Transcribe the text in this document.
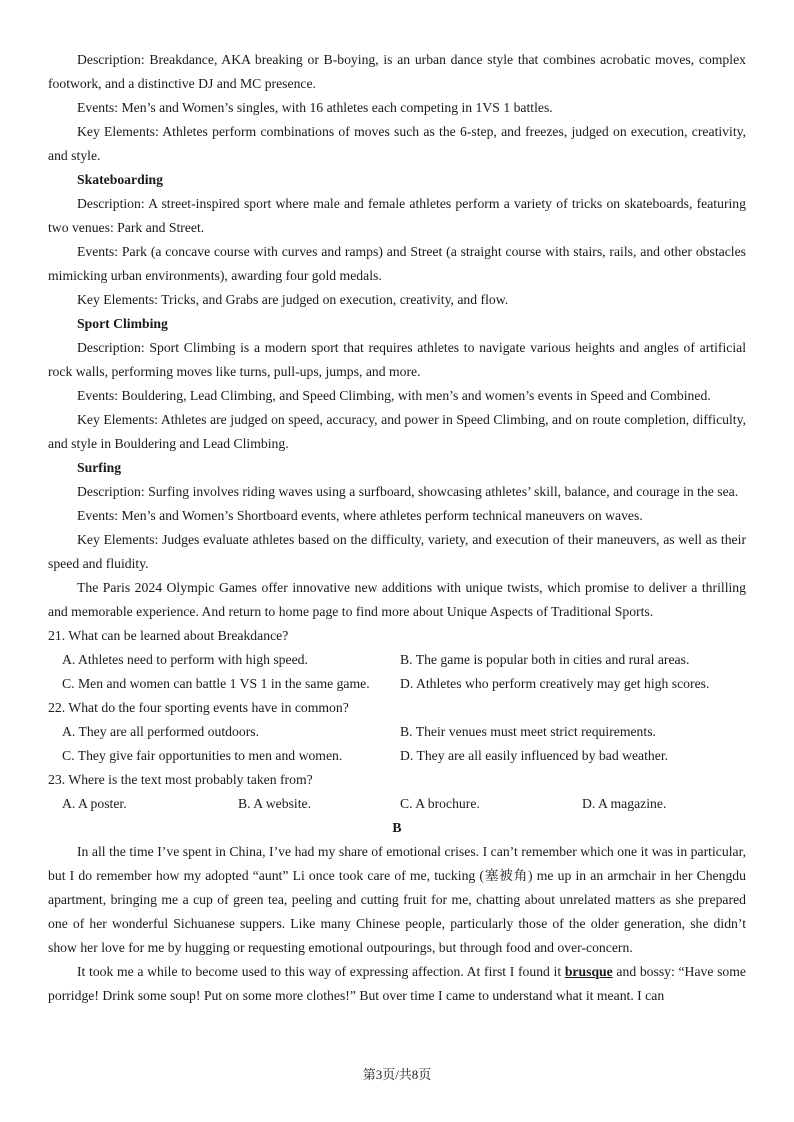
Description: Breakdance, AKA breaking or B-boying, is an urban dance style that combines acrobatic moves, complex footwork, and a distinctive DJ and MC presence.

Events: Men’s and Women’s singles, with 16 athletes each competing in 1VS 1 battles.

Key Elements: Athletes perform combinations of moves such as the 6-step, and freezes, judged on execution, creativity, and style.

Skateboarding

Description: A street-inspired sport where male and female athletes perform a variety of tricks on skateboards, featuring two venues: Park and Street.

Events: Park (a concave course with curves and ramps) and Street (a straight course with stairs, rails, and other obstacles mimicking urban environments), awarding four gold medals.

Key Elements: Tricks, and Grabs are judged on execution, creativity, and flow.

Sport Climbing

Description: Sport Climbing is a modern sport that requires athletes to navigate various heights and angles of artificial rock walls, performing moves like turns, pull-ups, jumps, and more.

Events: Bouldering, Lead Climbing, and Speed Climbing, with men’s and women’s events in Speed and Combined.

Key Elements: Athletes are judged on speed, accuracy, and power in Speed Climbing, and on route completion, difficulty, and style in Bouldering and Lead Climbing.

Surfing

Description: Surfing involves riding waves using a surfboard, showcasing athletes’ skill, balance, and courage in the sea.

Events: Men’s and Women’s Shortboard events, where athletes perform technical maneuvers on waves.

Key Elements: Judges evaluate athletes based on the difficulty, variety, and execution of their maneuvers, as well as their speed and fluidity.

The Paris 2024 Olympic Games offer innovative new additions with unique twists, which promise to deliver a thrilling and memorable experience. And return to home page to find more about Unique Aspects of Traditional Sports.

21. What can be learned about Breakdance?

A. Athletes need to perform with high speed.	B. The game is popular both in cities and rural areas.
C. Men and women can battle 1 VS 1 in the same game.	D. Athletes who perform creatively may get high scores.

22. What do the four sporting events have in common?

A. They are all performed outdoors.	B. Their venues must meet strict requirements.
C. They give fair opportunities to men and women.	D. They are all easily influenced by bad weather.

23. Where is the text most probably taken from?

A. A poster.	B. A website.	C. A brochure.	D. A magazine.

B

In all the time I’ve spent in China, I’ve had my share of emotional crises. I can’t remember which one it was in particular, but I do remember how my adopted “aunt” Li once took care of me, tucking (塞被角) me up in an armchair in her Chengdu apartment, bringing me a cup of green tea, peeling and cutting fruit for me, chatting about unrelated matters as she prepared one of her wonderful Sichuanese suppers. Like many Chinese people, particularly those of the older generation, she didn’t show her love for me by hugging or requesting emotional outpourings, but through food and over-concern.

It took me a while to become used to this way of expressing affection. At first I found it brusque and bossy: “Have some porridge! Drink some soup! Put on some more clothes!” But over time I came to understand what it meant. I can

第3页/共8页
